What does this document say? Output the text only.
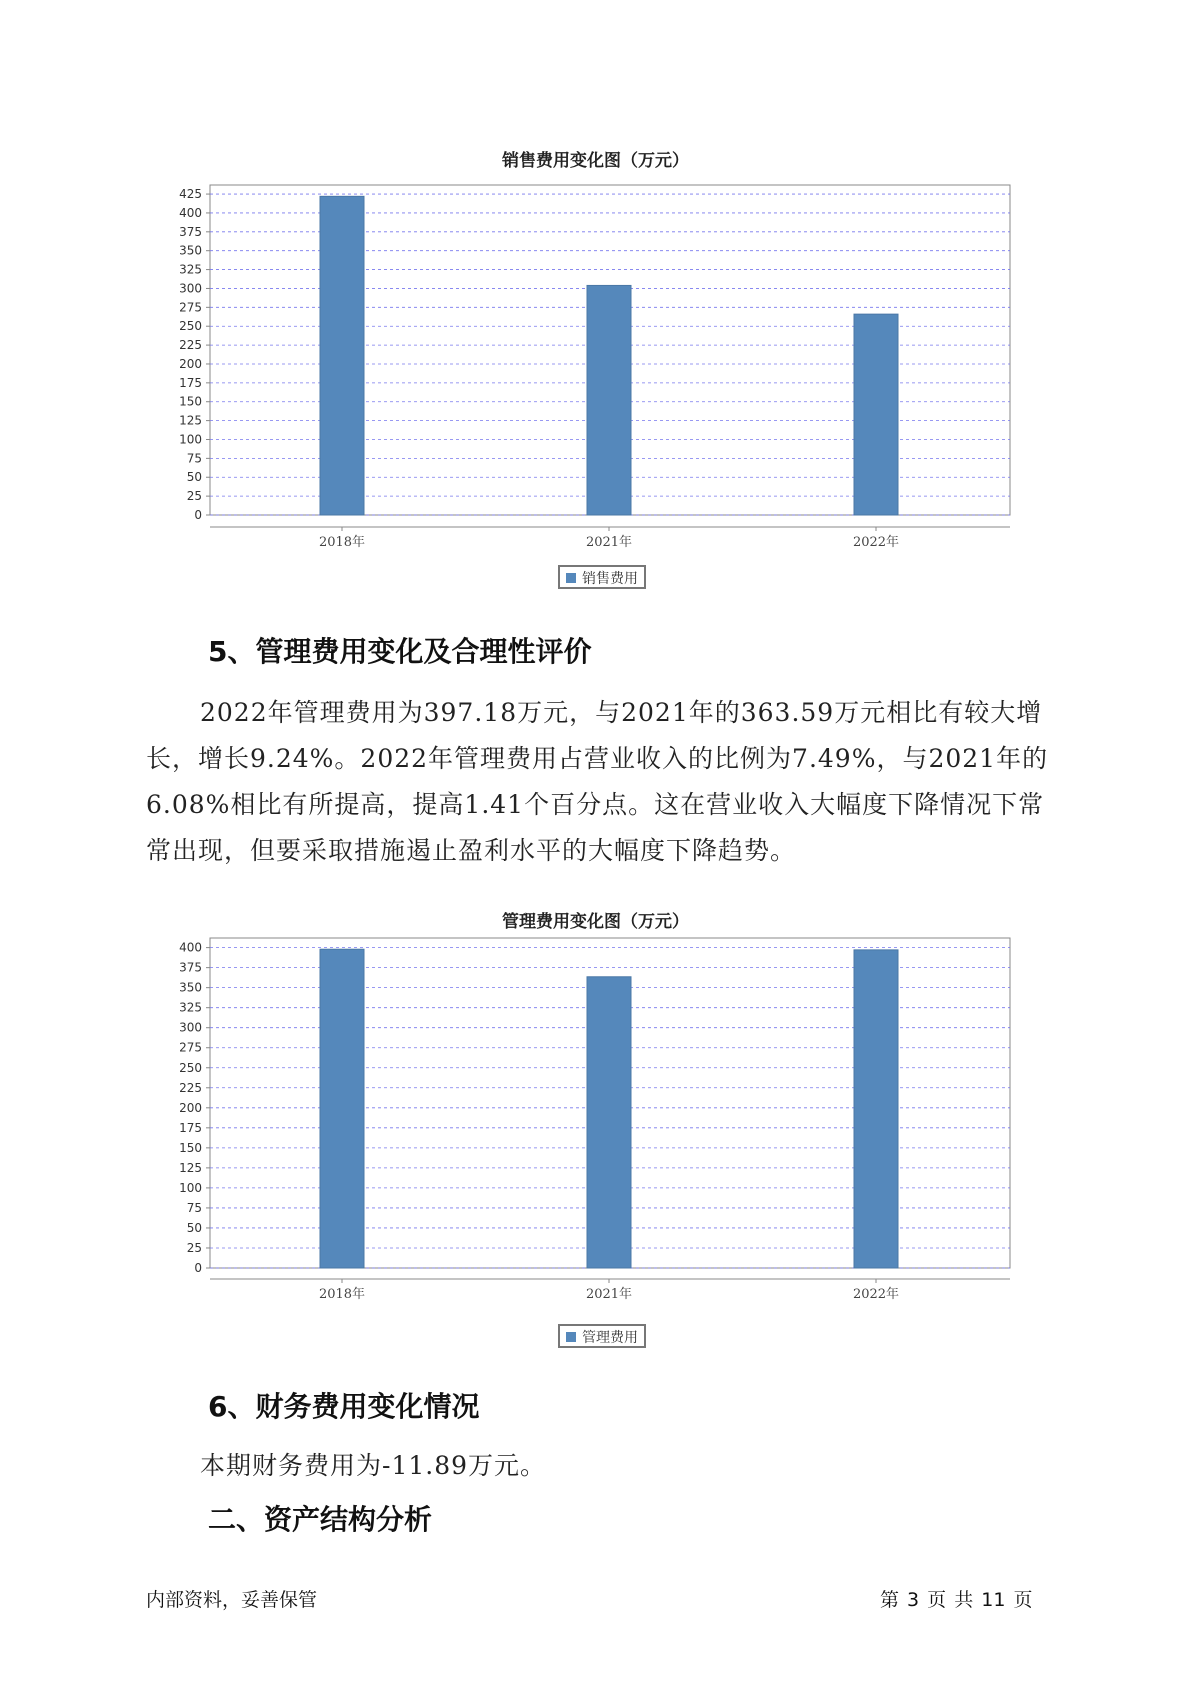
销售费用变化图（万元）
0
25
50
75
100
125
150
175
200
225
250
275
300
325
350
375
400
425
2018年	2021年	2022年
销售费用
5、管理费用变化及合理性评价

2022年管理费用为397.18万元，与2021年的363.59万元相比有较大增长，增长9.24%。2022年管理费用占营业收入的比例为7.49%，与2021年的6.08%相比有所提高，提高1.41个百分点。这在营业收入大幅度下降情况下常常出现，但要采取措施遏止盈利水平的大幅度下降趋势。

管理费用变化图（万元）
0
25
50
75
100
125
150
175
200
225
250
275
300
325
350
375
400
2018年	2021年	2022年
管理费用
6、财务费用变化情况

本期财务费用为-11.89万元。

二、资产结构分析
内部资料，妥善保管	第 3 页 共 11 页
